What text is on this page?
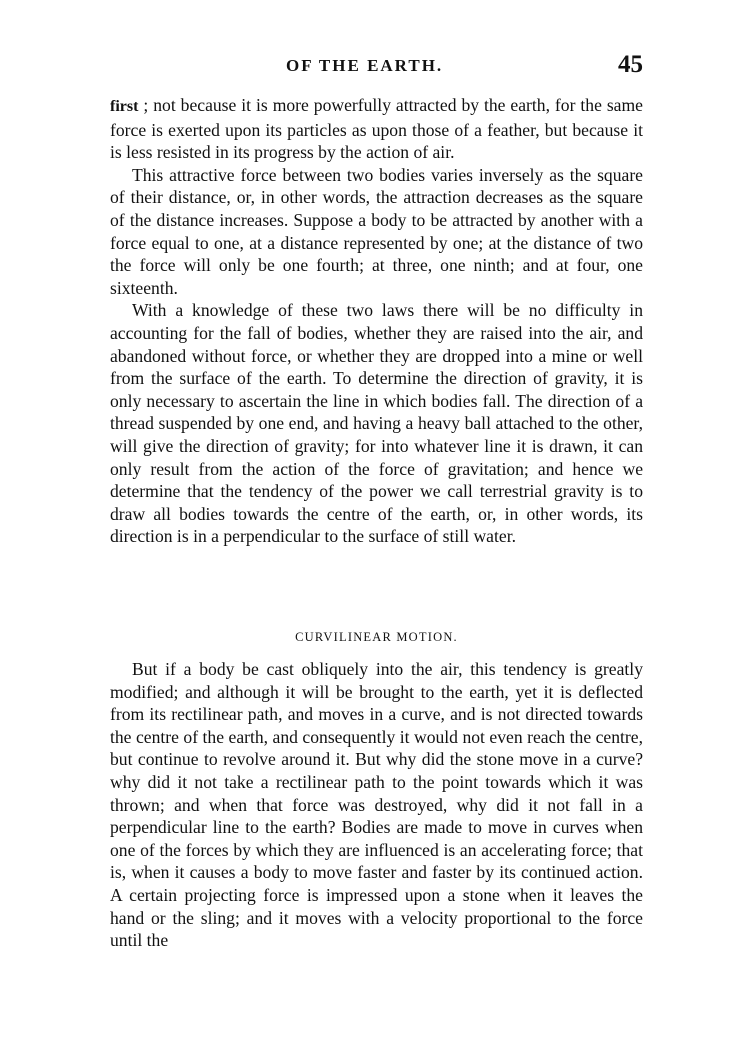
OF THE EARTH.	45

first ; not because it is more powerfully attracted by the earth, for the same force is exerted upon its particles as upon those of a feather, but because it is less resisted in its progress by the action of air.

This attractive force between two bodies varies inversely as the square of their distance, or, in other words, the attraction decreases as the square of the distance increases. Suppose a body to be attracted by another with a force equal to one, at a distance represented by one; at the distance of two the force will only be one fourth; at three, one ninth; and at four, one sixteenth.

With a knowledge of these two laws there will be no difficulty in accounting for the fall of bodies, whether they are raised into the air, and abandoned without force, or whether they are dropped into a mine or well from the surface of the earth. To determine the direction of gravity, it is only necessary to ascertain the line in which bodies fall. The direction of a thread suspended by one end, and having a heavy ball attached to the other, will give the direction of gravity; for into whatever line it is drawn, it can only result from the action of the force of gravitation; and hence we determine that the tendency of the power we call terrestrial gravity is to draw all bodies towards the centre of the earth, or, in other words, its direction is in a perpendicular to the surface of still water.

CURVILINEAR MOTION.

But if a body be cast obliquely into the air, this tendency is greatly modified; and although it will be brought to the earth, yet it is deflected from its rectilinear path, and moves in a curve, and is not directed towards the centre of the earth, and consequently it would not even reach the centre, but continue to revolve around it. But why did the stone move in a curve? why did it not take a rectilinear path to the point towards which it was thrown; and when that force was destroyed, why did it not fall in a perpendicular line to the earth? Bodies are made to move in curves when one of the forces by which they are influenced is an accelerating force; that is, when it causes a body to move faster and faster by its continued action. A certain projecting force is impressed upon a stone when it leaves the hand or the sling; and it moves with a velocity proportional to the force until the
